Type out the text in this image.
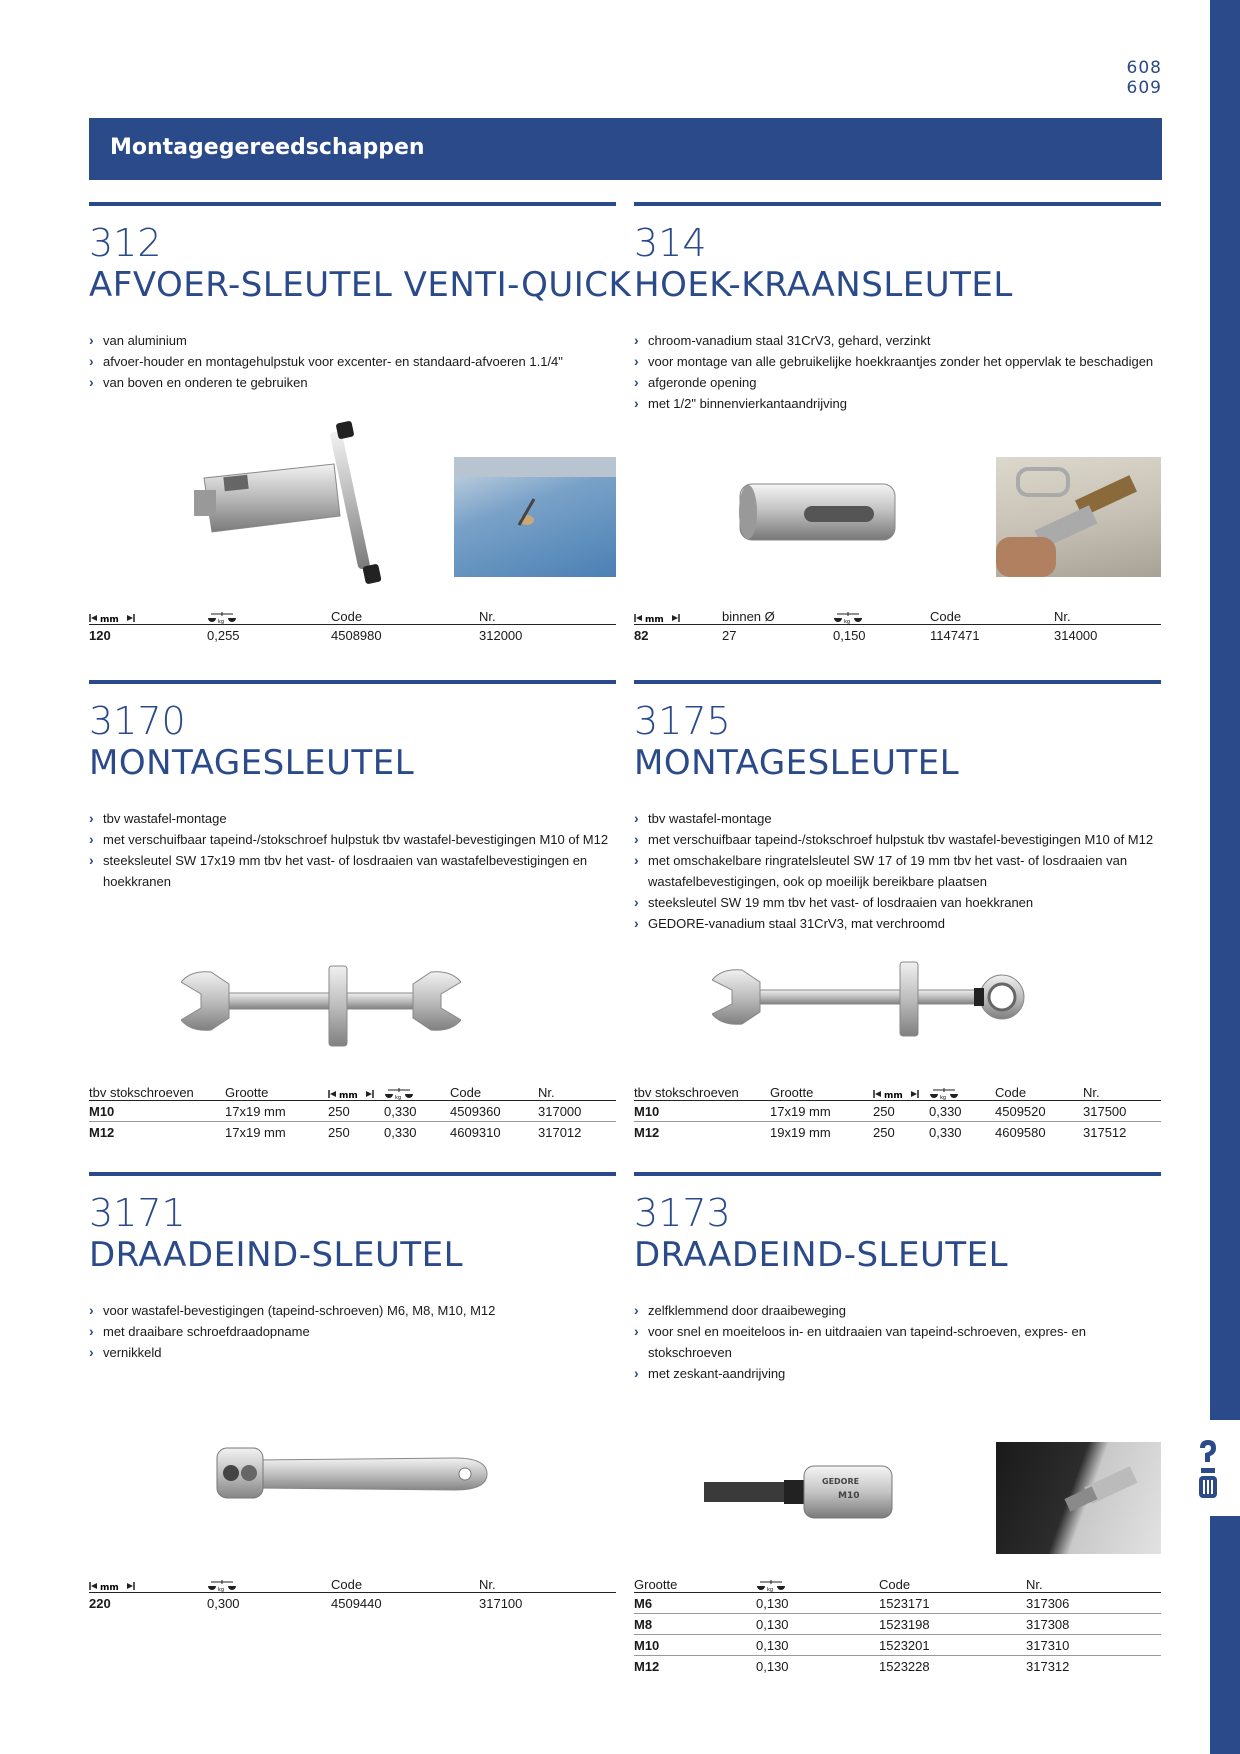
608
609
Montagegereedschappen
312
AFVOER-SLEUTEL VENTI-QUICK
› van aluminium
› afvoer-houder en montagehulpstuk voor excenter- en standaard-afvoeren 1.1/4"
› van boven en onderen te gebruiken
mm	kg	Code	Nr.
120	0,255	4508980	312000
314
HOEK-KRAANSLEUTEL
› chroom-vanadium staal 31CrV3, gehard, verzinkt
› voor montage van alle gebruikelijke hoekkraantjes zonder het oppervlak te beschadigen
› afgeronde opening
› met 1/2" binnenvierkantaandrijving
mm	binnen Ø	kg	Code	Nr.
82	27	0,150	1147471	314000
3170
MONTAGESLEUTEL
› tbv wastafel-montage
› met verschuifbaar tapeind-/stokschroef hulpstuk tbv wastafel-bevestigingen M10 of M12
› steeksleutel SW 17x19 mm tbv het vast- of losdraaien van wastafelbevestigingen en hoekkranen
tbv stokschroeven	Grootte	mm	kg	Code	Nr.
M10	17x19 mm	250	0,330	4509360	317000
M12	17x19 mm	250	0,330	4609310	317012
3175
MONTAGESLEUTEL
› tbv wastafel-montage
› met verschuifbaar tapeind-/stokschroef hulpstuk tbv wastafel-bevestigingen M10 of M12
› met omschakelbare ringratelsleutel SW 17 of 19 mm tbv het vast- of losdraaien van wastafelbevestigingen, ook op moeilijk bereikbare plaatsen
› steeksleutel SW 19 mm tbv het vast- of losdraaien van hoekkranen
› GEDORE-vanadium staal 31CrV3, mat verchroomd
tbv stokschroeven	Grootte	mm	kg	Code	Nr.
M10	17x19 mm	250	0,330	4509520	317500
M12	19x19 mm	250	0,330	4609580	317512
3171
DRAADEIND-SLEUTEL
› voor wastafel-bevestigingen (tapeind-schroeven) M6, M8, M10, M12
› met draaibare schroefdraadopname
› vernikkeld
mm	kg	Code	Nr.
220	0,300	4509440	317100
3173
DRAADEIND-SLEUTEL
› zelfklemmend door draaibeweging
› voor snel en moeiteloos in- en uitdraaien van tapeind-schroeven, expres- en stokschroeven
› met zeskant-aandrijving
GEDORE
M10
Grootte	kg	Code	Nr.
M6	0,130	1523171	317306
M8	0,130	1523198	317308
M10	0,130	1523201	317310
M12	0,130	1523228	317312
